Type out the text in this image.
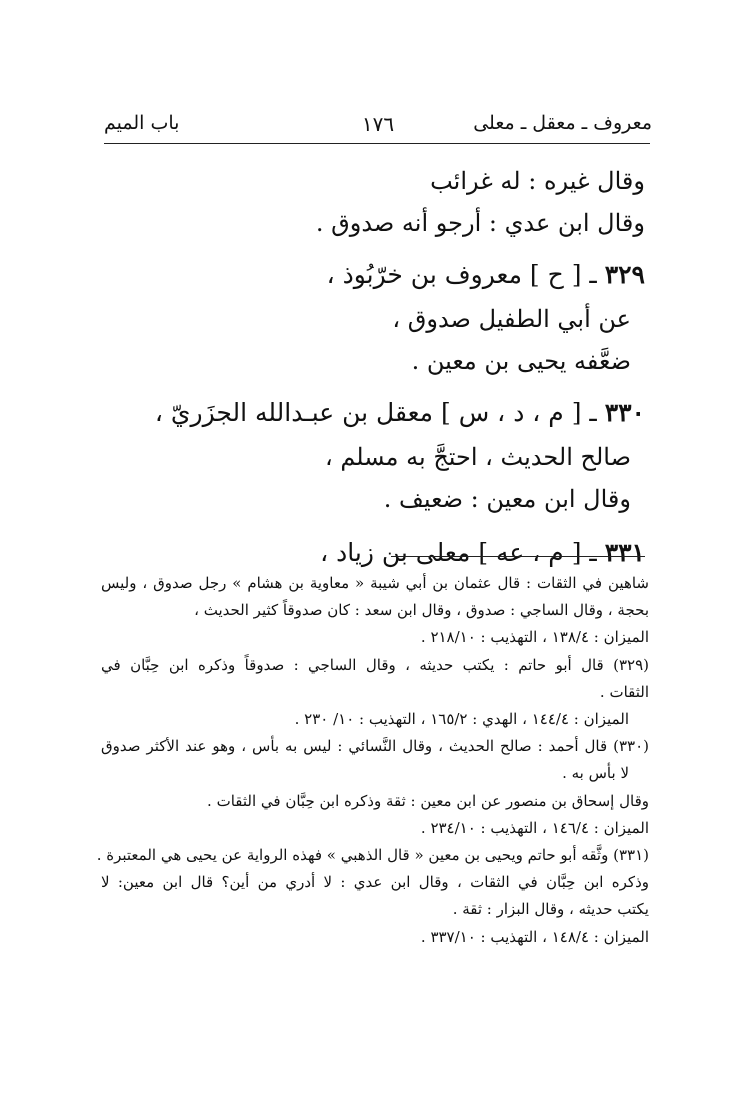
معروف ـ معقل ـ معلى
١٧٦
باب الميم
وقال غيره : له غرائب
وقال ابن عدي : أرجو أنه صدوق .
٣٢٩ ـ [ ح ] معروف بن خرّبُوذ ،
عن أبي الطفيل صدوق ،
ضعَّفه يحيى بن معين .
٣٣٠ ـ [ م ، د ، س ] معقل بن عبـدالله الجزَريّ ،
صالح الحديث ، احتجَّ به مسلم ،
وقال ابن معين : ضعيف .
٣٣١ ـ [ م ، عه ] معلى بن زياد ،
شاهين في الثقات : قال عثمان بن أبي شيبة « معاوية بن هشام » رجل صدوق ، وليس
بحجة ، وقال الساجي : صدوق ، وقال ابن سعد : كان صدوقاً كثير الحديث ،
الميزان : ١٣٨/٤ ، التهذيب : ٢١٨/١٠ .
(٣٢٩) قال أبو حاتم : يكتب حديثه ، وقال الساجي : صدوقاً وذكره ابن حِبَّان في
الثقات .
الميزان : ١٤٤/٤ ، الهدي : ١٦٥/٢ ، التهذيب : ١٠/ ٢٣٠ .
(٣٣٠) قال أحمد : صالح الحديث ، وقال النَّسائي : ليس به بأس ، وهو عند الأكثر صدوق
لا بأس به .
وقال إسحاق بن منصور عن ابن معين : ثقة وذكره ابن حِبَّان في الثقات .
الميزان : ١٤٦/٤ ، التهذيب : ٢٣٤/١٠ .
(٣٣١) وثَّقه أبو حاتم ويحيى بن معين « قال الذهبي » فهذه الرواية عن يحيى هي المعتبرة .
وذكره ابن حِبَّان في الثقات ، وقال ابن عدي : لا أدري من أين؟ قال ابن معين: لا
يكتب حديثه ، وقال البزار : ثقة .
الميزان : ١٤٨/٤ ، التهذيب : ٣٣٧/١٠ .
